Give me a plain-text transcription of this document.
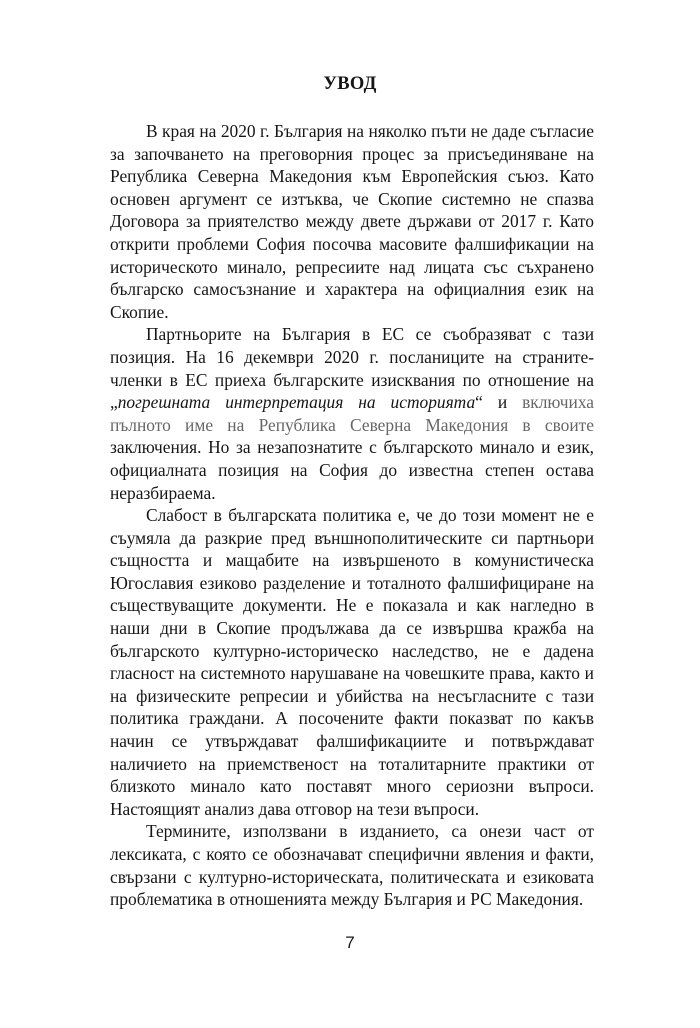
УВОД

В края на 2020 г. България на няколко пъти не даде съгласие за започването на преговорния процес за присъединяване на Република Северна Македония към Европейския съюз. Като основен аргумент се изтъква, че Скопие системно не спазва Договора за приятелство между двете държави от 2017 г. Като открити проблеми София посочва масовите фалшификации на историческото минало, репресиите над лицата със съхранено българско самосъзнание и характера на официалния език на Скопие.

Партньорите на България в ЕС се съобразяват с тази позиция. На 16 декември 2020 г. посланиците на страните-членки в ЕС приеха българските изисквания по отношение на „погрешната интерпретация на историята“ и включиха пълното име на Република Северна Македония в своите заключения. Но за незапознатите с българското минало и език, официалната позиция на София до известна степен остава неразбираема.

Слабост в българската политика е, че до този момент не е съумяла да разкрие пред външнополитическите си партньори същността и мащабите на извършеното в комунистическа Югославия езиково разделение и тоталното фалшифициране на съществуващите документи. Не е показала и как нагледно в наши дни в Скопие продължава да се извършва кражба на българското културно-историческо наследство, не е дадена гласност на системното нарушаване на човешките права, както и на физическите репресии и убийства на несъгласните с тази политика граждани. А посочените факти показват по какъв начин се утвърждават фалшификациите и потвърждават наличието на приемственост на тоталитарните практики от близкото минало като поставят много сериозни въпроси. Настоящият анализ дава отговор на тези въпроси.

Термините, използвани в изданието, са онези част от лексиката, с която се обозначават специфични явления и факти, свързани с културно-историческата, политическата и езиковата проблематика в отношенията между България и РС Македония.

7
